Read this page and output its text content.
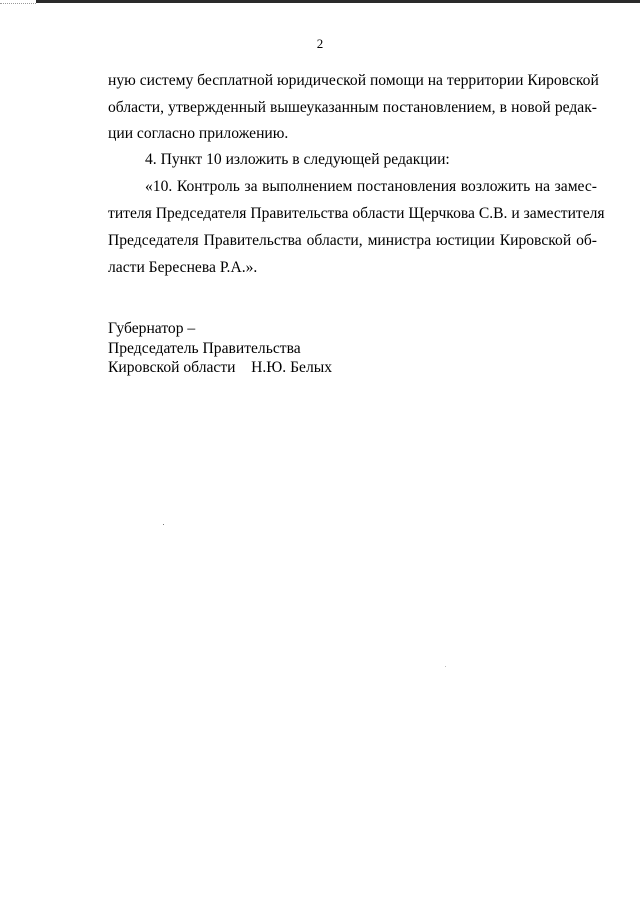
2
ную систему бесплатной юридической помощи на территории Кировской
области, утвержденный вышеуказанным постановлением, в новой редак-
ции согласно приложению.
4. Пункт 10 изложить в следующей редакции:
«10. Контроль за выполнением постановления возложить на замес-
тителя Председателя Правительства области Щерчкова С.В. и заместителя
Председателя Правительства области, министра юстиции Кировской об-
ласти Береснева Р.А.».
Губернатор –
Председатель Правительства
Кировской области Н.Ю. Белых
